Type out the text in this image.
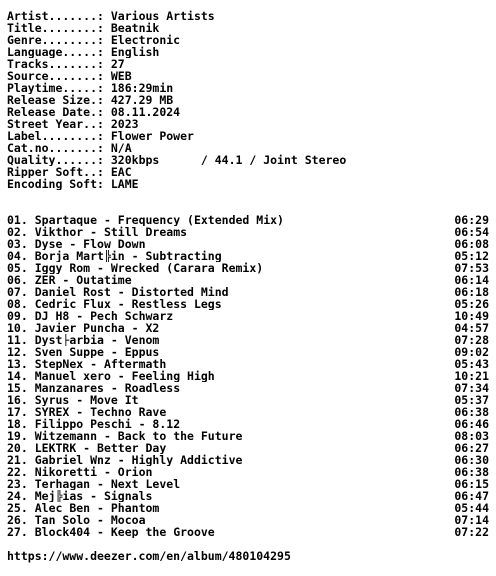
Artist.......: Various Artists
Title........: Beatnik
Genre........: Electronic
Language.....: English
Tracks.......: 27
Source.......: WEB
Playtime.....: 186:29min
Release Size.: 427.29 MB
Release Date.: 08.11.2024
Street Year..: 2023
Label........: Flower Power
Cat.no.......: N/A
Quality......: 320kbps      / 44.1 / Joint Stereo
Ripper Soft..: EAC
Encoding Soft: LAME
01. Spartaque - Frequency (Extended Mix)	06:29
02. Vikthor - Still Dreams	06:54
03. Dyse - Flow Down	06:08
04. Borja Mart╠in - Subtracting	05:12
05. Iggy Rom - Wrecked (Carara Remix)	07:53
06. ZER - Outatime	06:14
07. Daniel Rost - Distorted Mind	06:18
08. Cedric Flux - Restless Legs	05:26
09. DJ H8 - Pech Schwarz	10:49
10. Javier Puncha - X2	04:57
11. Dyst├arbia - Venom	07:28
12. Sven Suppe - Eppus	09:02
13. StepNex - Aftermath	05:43
14. Manuel xero - Feeling High	10:21
15. Manzanares - Roadless	07:34
16. Syrus - Move It	05:37
17. SYREX - Techno Rave	06:38
18. Filippo Peschi - 8.12	06:46
19. Witzemann - Back to the Future	08:03
20. LEKTRK - Better Day	06:27
21. Gabriel Wnz - Highly Addictive	06:30
22. Nikoretti - Orion	06:38
23. Terhagan - Next Level	06:15
24. Mej╠ias - Signals	06:47
25. Alec Ben - Phantom	05:44
26. Tan Solo - Mocoa	07:14
27. Block404 - Keep the Groove	07:22
https://www.deezer.com/en/album/480104295
